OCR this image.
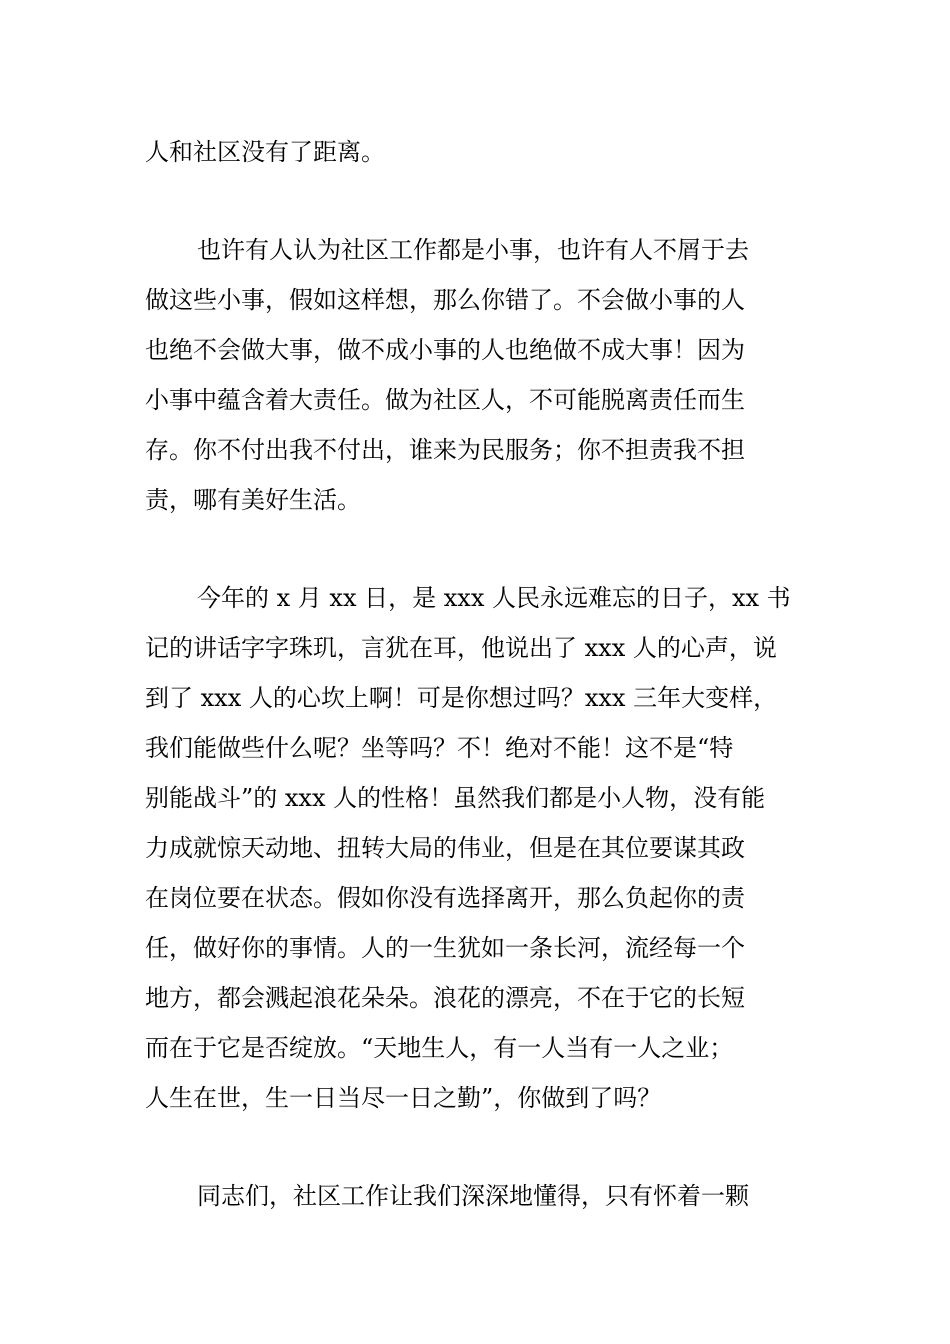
人和社区没有了距离。
也许有人认为社区工作都是小事，也许有人不屑于去
做这些小事，假如这样想，那么你错了。不会做小事的人
也绝不会做大事，做不成小事的人也绝做不成大事！因为
小事中蕴含着大责任。做为社区人，不可能脱离责任而生
存。你不付出我不付出，谁来为民服务；你不担责我不担
责，哪有美好生活。
今年的 x 月 xx 日，是 xxx 人民永远难忘的日子，xx 书
记的讲话字字珠玑，言犹在耳，他说出了 xxx 人的心声，说
到了 xxx 人的心坎上啊！可是你想过吗？xxx 三年大变样，
我们能做些什么呢？坐等吗？不！绝对不能！这不是“特
别能战斗”的 xxx 人的性格！虽然我们都是小人物，没有能
力成就惊天动地、扭转大局的伟业，但是在其位要谋其政
在岗位要在状态。假如你没有选择离开，那么负起你的责
任，做好你的事情。人的一生犹如一条长河，流经每一个
地方，都会溅起浪花朵朵。浪花的漂亮，不在于它的长短
而在于它是否绽放。“天地生人，有一人当有一人之业；
人生在世，生一日当尽一日之勤”，你做到了吗？
同志们，社区工作让我们深深地懂得，只有怀着一颗
